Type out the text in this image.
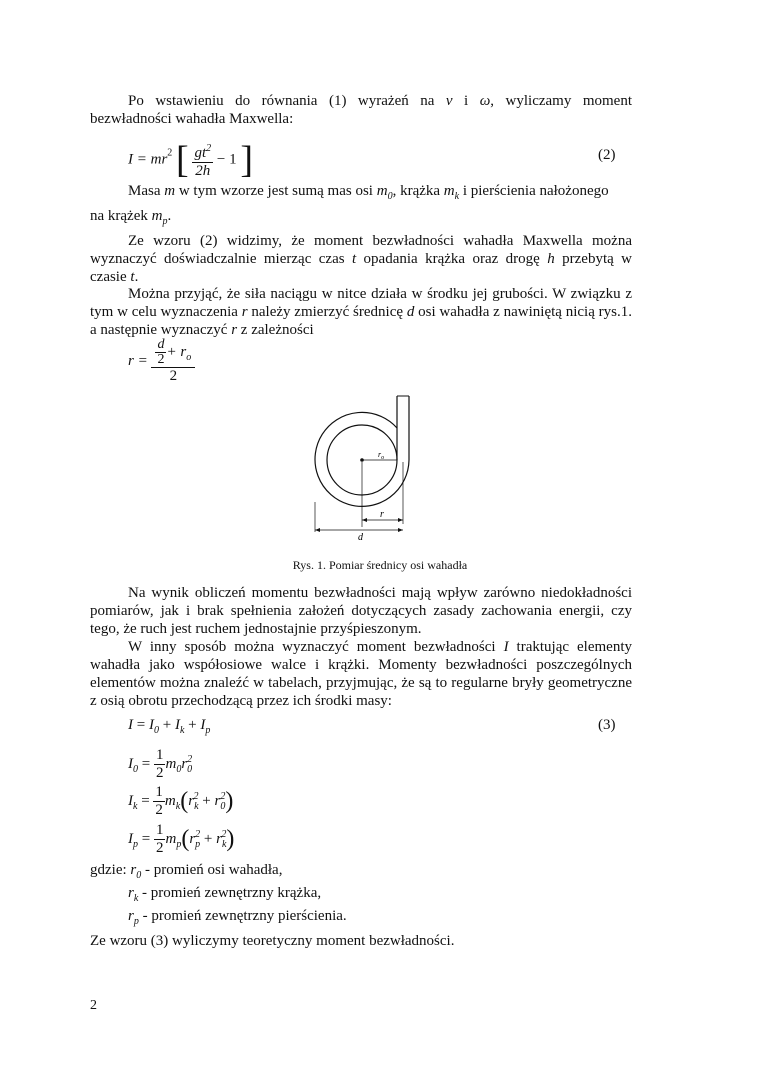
Po wstawieniu do równania (1) wyrażeń na v i ω, wyliczamy moment bezwładności wahadła Maxwella:

$I = mr^2$ [ $\frac{gt^2}{2h} - 1$ ]	(2)
Masa m w tym wzorze jest sumą mas osi $m_0$, krążka $m_k$ i pierścienia nałożonego
na krążek $m_p$.

Ze wzoru (2) widzimy, że moment bezwładności wahadła Maxwella można wyznaczyć doświadczalnie mierząc czas t opadania krążka oraz drogę h przebytą w czasie t.

Można przyjąć, że siła naciągu w nitce działa w środku jej grubości. W związku z tym w celu wyznaczenia r należy zmierzyć średnicę d osi wahadła z nawiniętą nicią rys.1. a następnie wyznaczyć r z zależności

$r = \frac{\frac{d}{2} + r_o}{2}$
$r_o$
r
d
Rys. 1. Pomiar średnicy osi wahadła

Na wynik obliczeń momentu bezwładności mają wpływ zarówno niedokładności pomiarów, jak i brak spełnienia założeń dotyczących zasady zachowania energii, czy tego, że ruch jest ruchem jednostajnie przyśpieszonym.

W inny sposób można wyznaczyć moment bezwładności I traktując elementy wahadła jako współosiowe walce i krążki. Momenty bezwładności poszczególnych elementów można znaleźć w tabelach, przyjmując, że są to regularne bryły geometryczne z osią obrotu przechodzącą przez ich środki masy:

$I = I_0 + I_k + I_p$	(3)
$I_0 = \frac{1}{2} m_0r_0^2$
$I_k = \frac{1}{2} m_k(r_k^2 + r_0^2)$
$I_p = \frac{1}{2} m_p(r_p^2 + r_k^2)$
gdzie: $r_0$ - promień osi wahadła,
$r_k$ - promień zewnętrzny krążka,
$r_p$ - promień zewnętrzny pierścienia.
Ze wzoru (3) wyliczymy teoretyczny moment bezwładności.
2
